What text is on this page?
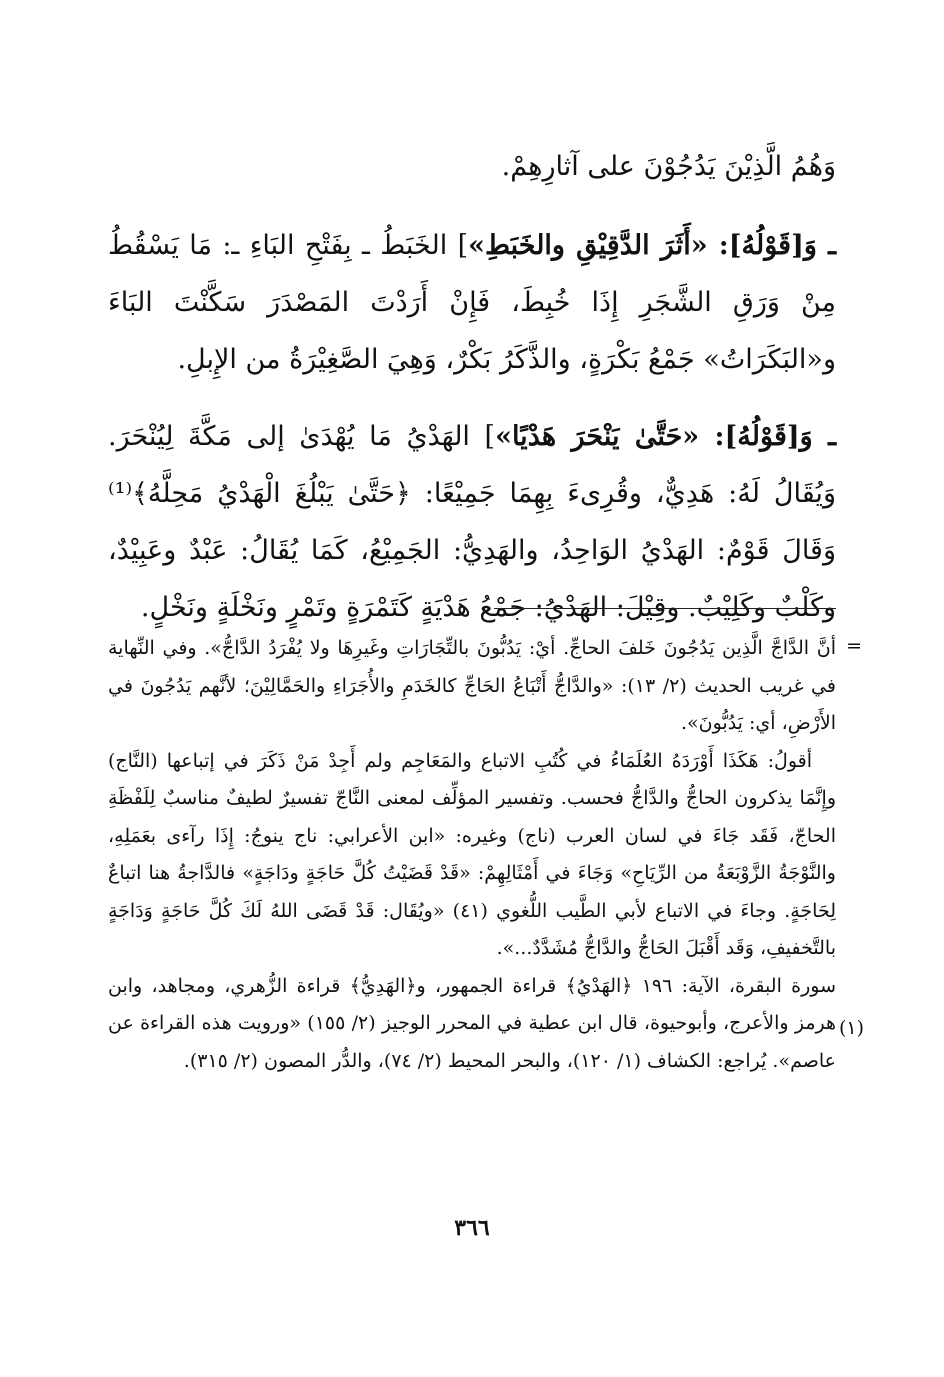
وَهُمُ الَّذِيْنَ يَدُجُوْنَ على آثارِهِمْ.

ـ وَ[قَوْلُهُ]: «أَثَرَ الدَّقِيْقِ والخَبَطِ»] الخَبَطُ ـ بِفَتْحِ البَاءِ ـ: مَا يَسْقُطُ مِنْ وَرَقِ الشَّجَرِ إِذَا خُبِطَ، فَإِنْ أَرَدْتَ المَصْدَرَ سَكَّنْتَ البَاءَ و«البَكَرَاتُ» جَمْعُ بَكْرَةٍ، والذَّكَرُ بَكْرٌ، وَهِيَ الصَّغِيْرَةُ من الإِبلِ.

ـ وَ[قَوْلُهُ]: «حَتَّىٰ يَنْحَرَ هَدْيًا»] الهَدْيُ مَا يُهْدَىٰ إلى مَكَّةَ لِيُنْحَرَ. وَيُقَالُ لَهُ: هَدِيٌّ، وقُرِىءَ بِهِمَا جَمِيْعًا: ﴿حَتَّىٰ يَبْلُغَ الْهَدْيُ مَحِلَّهُ﴾⁽¹⁾ وَقَالَ قَوْمٌ: الهَدْيُ الوَاحِدُ، والهَدِيُّ: الجَمِيْعُ، كَمَا يُقَالُ: عَبْدٌ وعَبِيْدٌ، وكَلْبٌ وكَلِيْبٌ. وقِيْلَ: الهَدْيُ: جَمْعُ هَدْيَةٍ كَتَمْرَةٍ وتَمْرٍ ونَخْلَةٍ ونَخْلٍ.

=

أنَّ الدَّاجَّ الَّذِين يَدُجُونَ خَلفَ الحاجِّ. أيْ: يَدُبُّونَ بالتِّجَارَاتِ وغَيرِهَا ولا يُفْرَدُ الدَّاجُّ». وفي النِّهاية في غريب الحديث (٢/ ١٣): «والدَّاجُّ أَتْبَاعُ الحَاجِّ كالخَدَمِ والأُجَرَاءِ والحَمَّالِيْنَ؛ لأنَّهم يَدُجُونَ في الأَرْضِ، أي: يَدُبُّونَ».

أقولُ: هَكَذَا أَوْرَدَهُ العُلَمَاءُ في كُتُبِ الاتباع والمَعَاجِم ولم أَجِدْ مَنْ ذَكَرَ في إتباعها (النَّاج) وإِنَّمَا يذكرون الحاجُّ والدَّاجُّ فحسب. وتفسير المؤلِّف لمعنى النَّاجّ تفسيرٌ لطيفٌ مناسبٌ لِلَفْظَةِ الحاجّ، فَقَد جَاءَ في لسان العرب (ناج) وغيره: «ابن الأعرابي: ناج ينوجُ: إِذَا رآءى بعَمَلِهِ، والنَّوْجَةُ الزَّوْبَعَةُ من الرِّيَاحِ» وَجَاءَ في أَمْثَالِهِمْ: «قَدْ قَضَيْتُ كُلَّ حَاجَةٍ ودَاجَةٍ» فالدَّاجةُ هنا اتباعٌ لِحَاجَةٍ. وجاءَ في الاتباع لأبي الطَّيب اللُّغوي (٤١) «ويُقَال: قَدْ قَضَى اللهُ لَكَ كُلَّ حَاجَةٍ وَدَاجَةٍ بالتَّخفيفِ، وَقَد أَقْبَلَ الحَاجُّ والدَّاجُّ مُشَدَّدٌ...».

سورة البقرة، الآية: ١٩٦ ﴿الهَدْيُ﴾ قراءة الجمهور، و﴿الهَدِيُّ﴾ قراءة الزُّهري، ومجاهد، وابن هرمز والأعرج، وأبوحيوة، قال ابن عطية في المحرر الوجيز (٢/ ١٥٥) «ورويت هذه القراءة عن عاصم». يُراجع: الكشاف (١/ ١٢٠)، والبحر المحيط (٢/ ٧٤)، والدُّر المصون (٢/ ٣١٥).

(١)
٣٦٦
